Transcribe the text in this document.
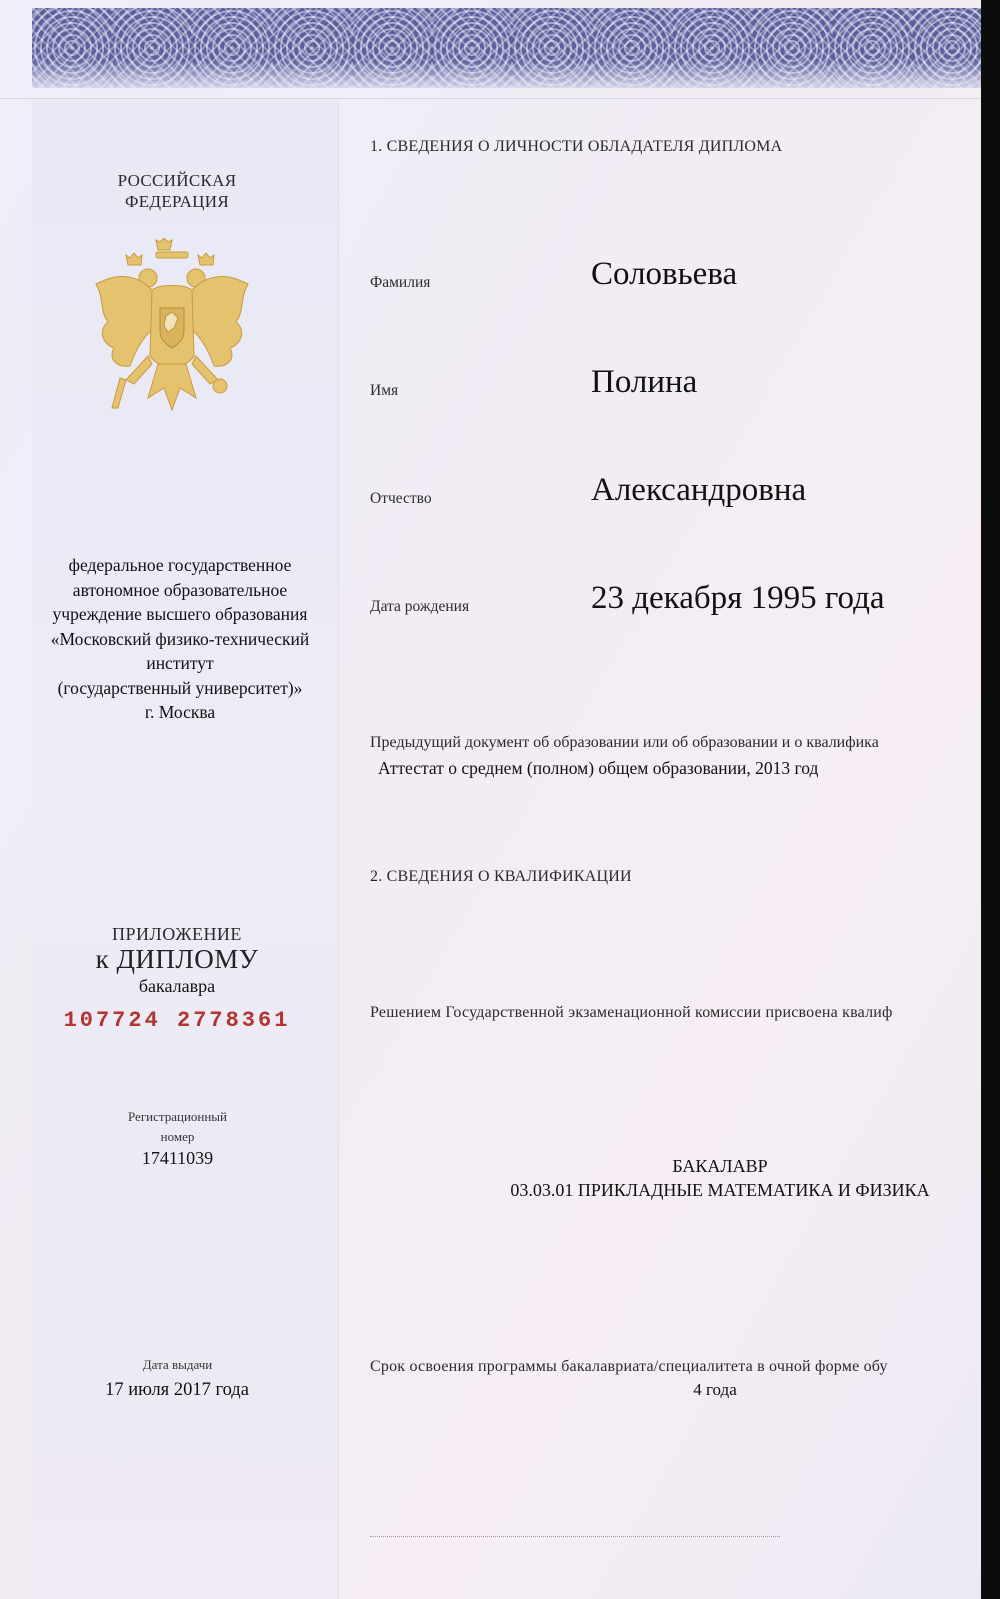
РОССИЙСКАЯ
ФЕДЕРАЦИЯ
федеральное государственное
автономное образовательное
учреждение высшего образования
«Московский физико-технический
институт
(государственный университет)»
г. Москва
ПРИЛОЖЕНИЕ
к ДИПЛОМУ
бакалавра
107724 2778361
Регистрационный
номер
17411039
Дата выдачи
17 июля 2017 года
1. СВЕДЕНИЯ О ЛИЧНОСТИ ОБЛАДАТЕЛЯ ДИПЛОМА
Фамилия	Соловьева
Имя	Полина
Отчество	Александровна
Дата рождения	23 декабря 1995 года
Предыдущий документ об образовании или об образовании и о квалифика
Аттестат о среднем (полном) общем образовании, 2013 год
2. СВЕДЕНИЯ О КВАЛИФИКАЦИИ
Решением Государственной экзаменационной комиссии присвоена квалиф
БАКАЛАВР
03.03.01 ПРИКЛАДНЫЕ МАТЕМАТИКА И ФИЗИКА
Срок освоения программы бакалавриата/специалитета в очной форме обу
4 года
